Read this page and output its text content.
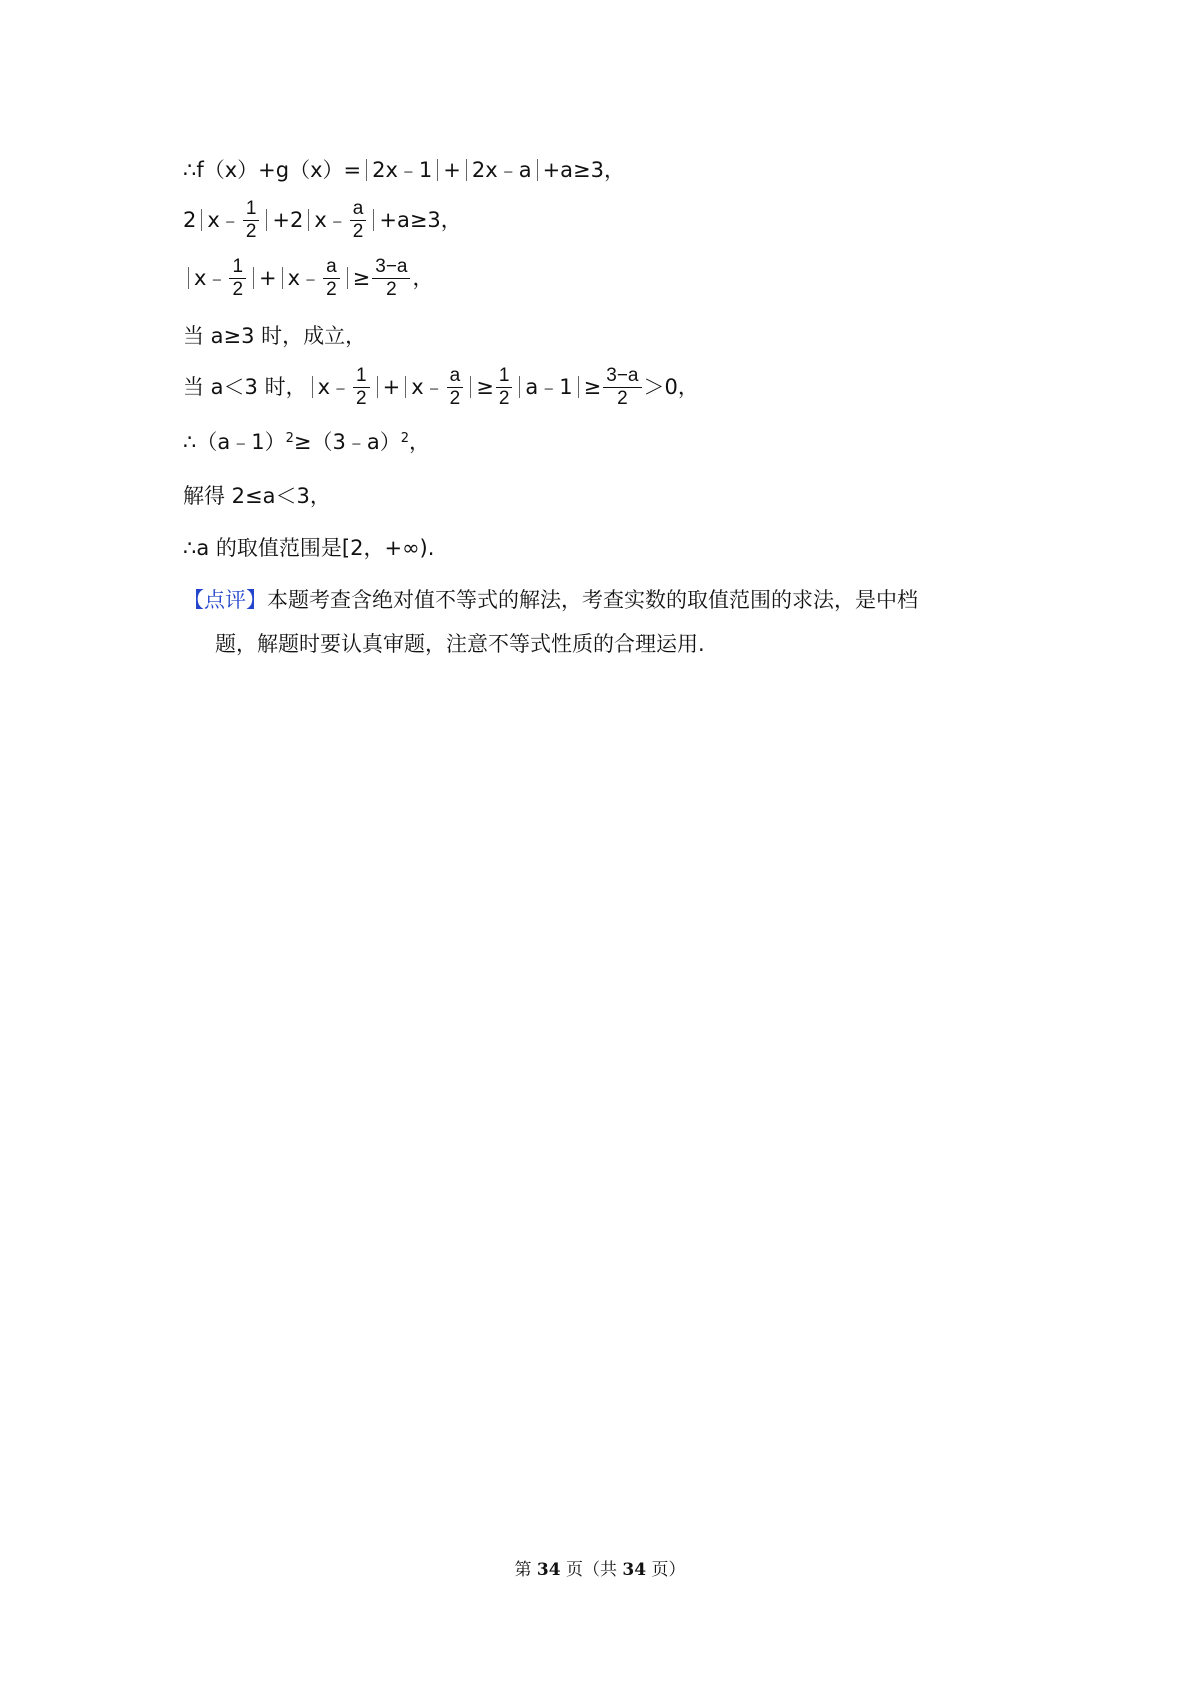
∴f（x）+g（x）= 2x﹣1 + 2x﹣a +a≥3，
2 x﹣ $\frac{1}{2} +2$ x﹣ $\frac{a}{2} +a\ge 3$，
x﹣ $\frac{1}{2}$ + x﹣ $\frac{a}{2} \ge \frac{3-a}{2}$ ，
当 a≥3 时，成立，
当 a＜3 时， x﹣ $\frac{1}{2}$ + x﹣ $\frac{a}{2} \ge \frac{1}{2}$ a﹣1 ≥ $\frac{3-a}{2} >0$，
∴（a﹣1）$^2$ ≥（3﹣a）$^2$ ，
解得 2≤a＜3，
∴a 的取值范围是[2，+∞).
【点评】本题考查含绝对值不等式的解法，考查实数的取值范围的求法，是中档
题，解题时要认真审题，注意不等式性质的合理运用.
第 34 页（共 34 页）
